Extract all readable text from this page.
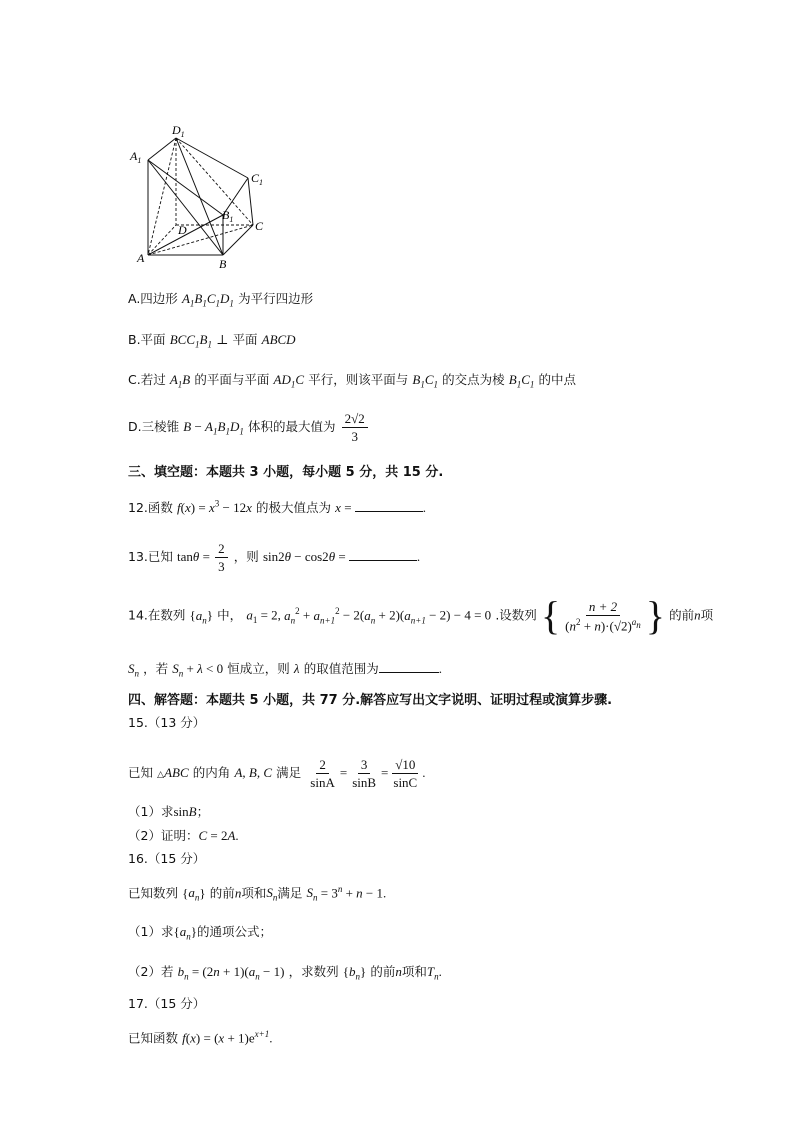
$A_1$
$D_1$
$C_1$
$B_1$
D	C
A	B
A.四边形 $A_1B_1C_1D_1$ 为平行四边形
B.平面 $BCC_1B_1$ ⊥ 平面 ABCD
C.若过 $A_1B$ 的平面与平面 $AD_1C$ 平行，则该平面与 $B_1C_1$ 的交点为棱 $B_1C_1$ 的中点
D.三棱锥 $B - A_1B_1D_1$ 体积的最大值为 $\frac{2√2}{3}$
三、填空题：本题共 3 小题，每小题 5 分，共 15 分.
12.函数 $f(x) = x^3 - 12x$ 的极大值点为 x =	.
13.已知 $\tan\theta = \frac{2}{3}$ ，则 sin2θ − cos2θ =	.
14.在数列 $\{a_n\}$ 中， $a_1 = 2$, $a_n^2 + a_{n+1}^2 - 2(a_n + 2)(a_{n+1} - 2) - 4 = 0$ .设数列 { $\frac{n + 2}{(n^2 + n)\cdot(√2)^{a_n}}$ } 的前n项
$S_n$ ，若 $S_n + \lambda < 0$ 恒成立，则 λ 的取值范围为	.
四、解答题：本题共 5 小题，共 77 分.解答应写出文字说明、证明过程或演算步骤.
15.（13 分）
已知 △ABC 的内角 A, B, C 满足 $\frac{2}{\sin A} = \frac{3}{\sin B} = \frac{√10}{\sin C}$ .
（1）求sinB；
（2）证明：C = 2A.
16.（15 分）
已知数列 $\{a_n\}$ 的前n项和$S_n$满足 $S_n = 3^n + n - 1$.
（1）求$\{a_n\}$的通项公式；
（2）若 $b_n = (2n + 1)(a_n - 1)$ ，求数列 $\{b_n\}$ 的前n项和$T_n$.
17.（15 分）
已知函数 $f(x) = (x + 1)e^{x+1}$.
